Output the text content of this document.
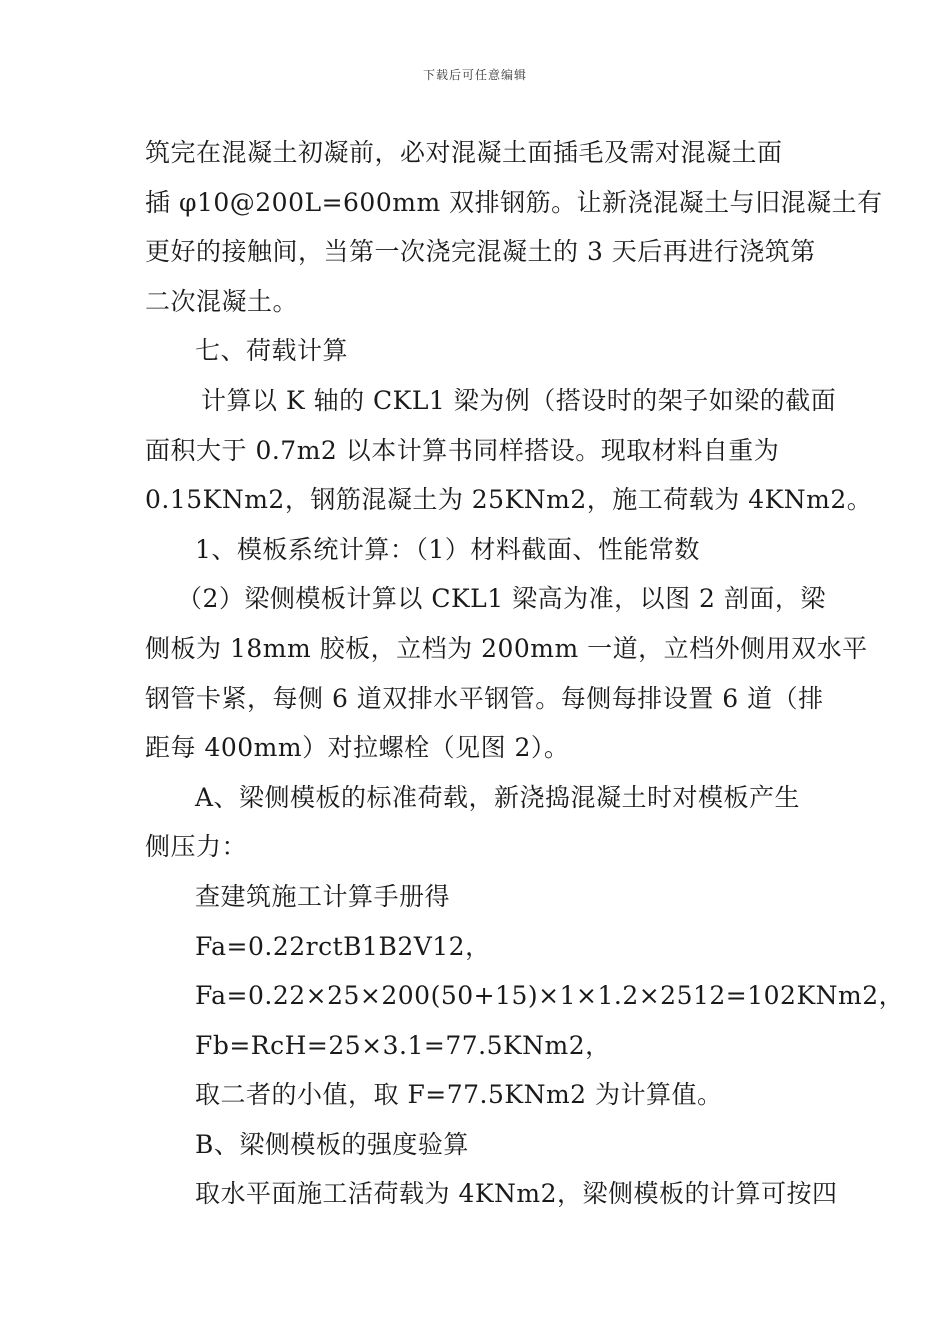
下载后可任意编辑
筑完在混凝土初凝前，必对混凝土面插毛及需对混凝土面
插 φ10@200L=600mm 双排钢筋。让新浇混凝土与旧混凝土有
更好的接触间，当第一次浇完混凝土的 3 天后再进行浇筑第
二次混凝土。
七、荷载计算
计算以 K 轴的 CKL1 梁为例（搭设时的架子如梁的截面
面积大于 0.7m2 以本计算书同样搭设。现取材料自重为
0.15KNm2，钢筋混凝土为 25KNm2，施工荷载为 4KNm2。
1、模板系统计算：（1）材料截面、性能常数
（2）梁侧模板计算以 CKL1 梁高为准，以图 2 剖面，梁
侧板为 18mm 胶板，立档为 200mm 一道，立档外侧用双水平
钢管卡紧，每侧 6 道双排水平钢管。每侧每排设置 6 道（排
距每 400mm）对拉螺栓（见图 2）。
A、梁侧模板的标准荷载，新浇捣混凝土时对模板产生
侧压力：
查建筑施工计算手册得
Fa=0.22rctB1B2V12，
Fa=0.22×25×200(50+15)×1×1.2×2512=102KNm2，
Fb=RcH=25×3.1=77.5KNm2，
取二者的小值，取 F=77.5KNm2 为计算值。
B、梁侧模板的强度验算
取水平面施工活荷载为 4KNm2，梁侧模板的计算可按四
